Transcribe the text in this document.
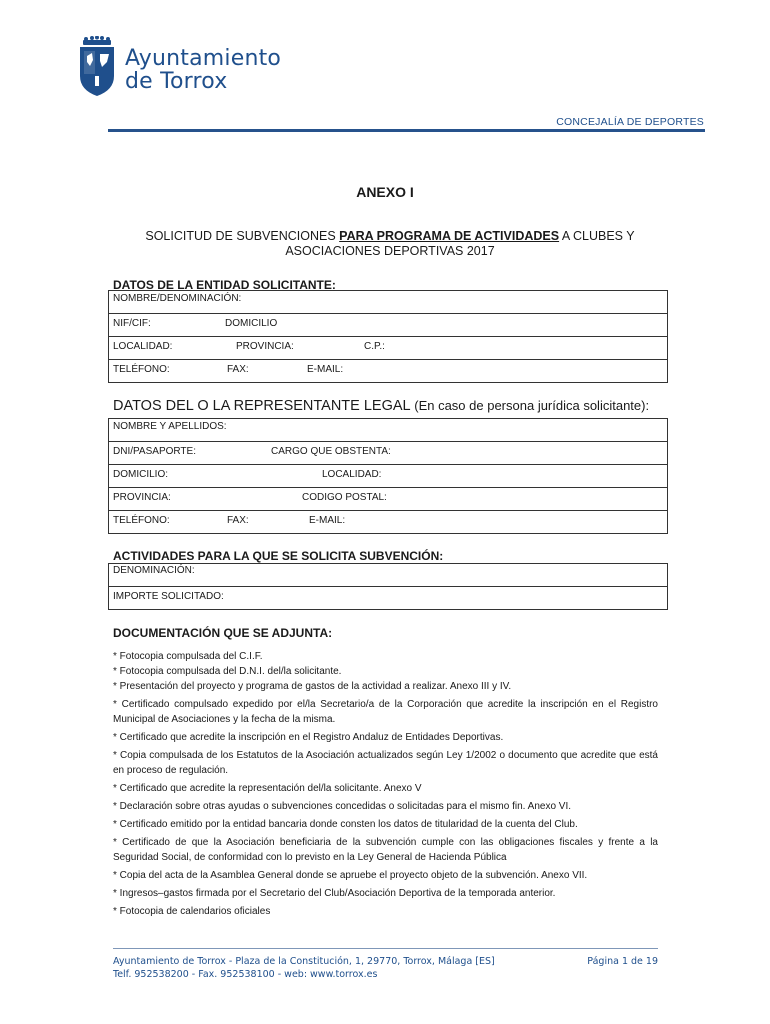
Ayuntamiento
de Torrox
CONCEJALÍA DE DEPORTES
ANEXO I
SOLICITUD DE SUBVENCIONES PARA PROGRAMA DE ACTIVIDADES A CLUBES Y
ASOCIACIONES DEPORTIVAS 2017
DATOS DE LA ENTIDAD SOLICITANTE:
NOMBRE/DENOMINACIÓN:
NIF/CIF:	DOMICILIO
LOCALIDAD:	PROVINCIA:	C.P.:
TELÉFONO:	FAX:	E-MAIL:
DATOS DEL O LA REPRESENTANTE LEGAL (En caso de persona jurídica solicitante):
NOMBRE Y APELLIDOS:
DNI/PASAPORTE:	CARGO QUE OBSTENTA:
DOMICILIO:	LOCALIDAD:
PROVINCIA:	CODIGO POSTAL:
TELÉFONO:	FAX:	E-MAIL:
ACTIVIDADES PARA LA QUE SE SOLICITA SUBVENCIÓN:
DENOMINACIÓN:
IMPORTE SOLICITADO:
DOCUMENTACIÓN QUE SE ADJUNTA:

* Fotocopia compulsada del C.I.F.

* Fotocopia compulsada del D.N.I. del/la solicitante.

* Presentación del proyecto y programa de gastos de la actividad a realizar. Anexo III y IV.

* Certificado compulsado expedido por el/la Secretario/a de la Corporación que acredite la inscripción en el Registro Municipal de Asociaciones y la fecha de la misma.

* Certificado que acredite la inscripción en el Registro Andaluz de Entidades Deportivas.

* Copia compulsada de los Estatutos de la Asociación actualizados según Ley 1/2002 o documento que acredite que está en proceso de regulación.

* Certificado que acredite la representación del/la solicitante. Anexo V

* Declaración sobre otras ayudas o subvenciones concedidas o solicitadas para el mismo fin. Anexo VI.

* Certificado emitido por la entidad bancaria donde consten los datos de titularidad de la cuenta del Club.

* Certificado de que la Asociación beneficiaria de la subvención cumple con las obligaciones fiscales y frente a la Seguridad Social, de conformidad con lo previsto en la Ley General de Hacienda Pública

* Copia del acta de la Asamblea General donde se apruebe el proyecto objeto de la subvención. Anexo VII.

* Ingresos–gastos firmada por el Secretario del Club/Asociación Deportiva de la temporada anterior.

* Fotocopia de calendarios oficiales

Ayuntamiento de Torrox - Plaza de la Constitución, 1, 29770, Torrox, Málaga [ES]
Telf. 952538200 - Fax. 952538100 - web: www.torrox.es
Página 1 de 19
